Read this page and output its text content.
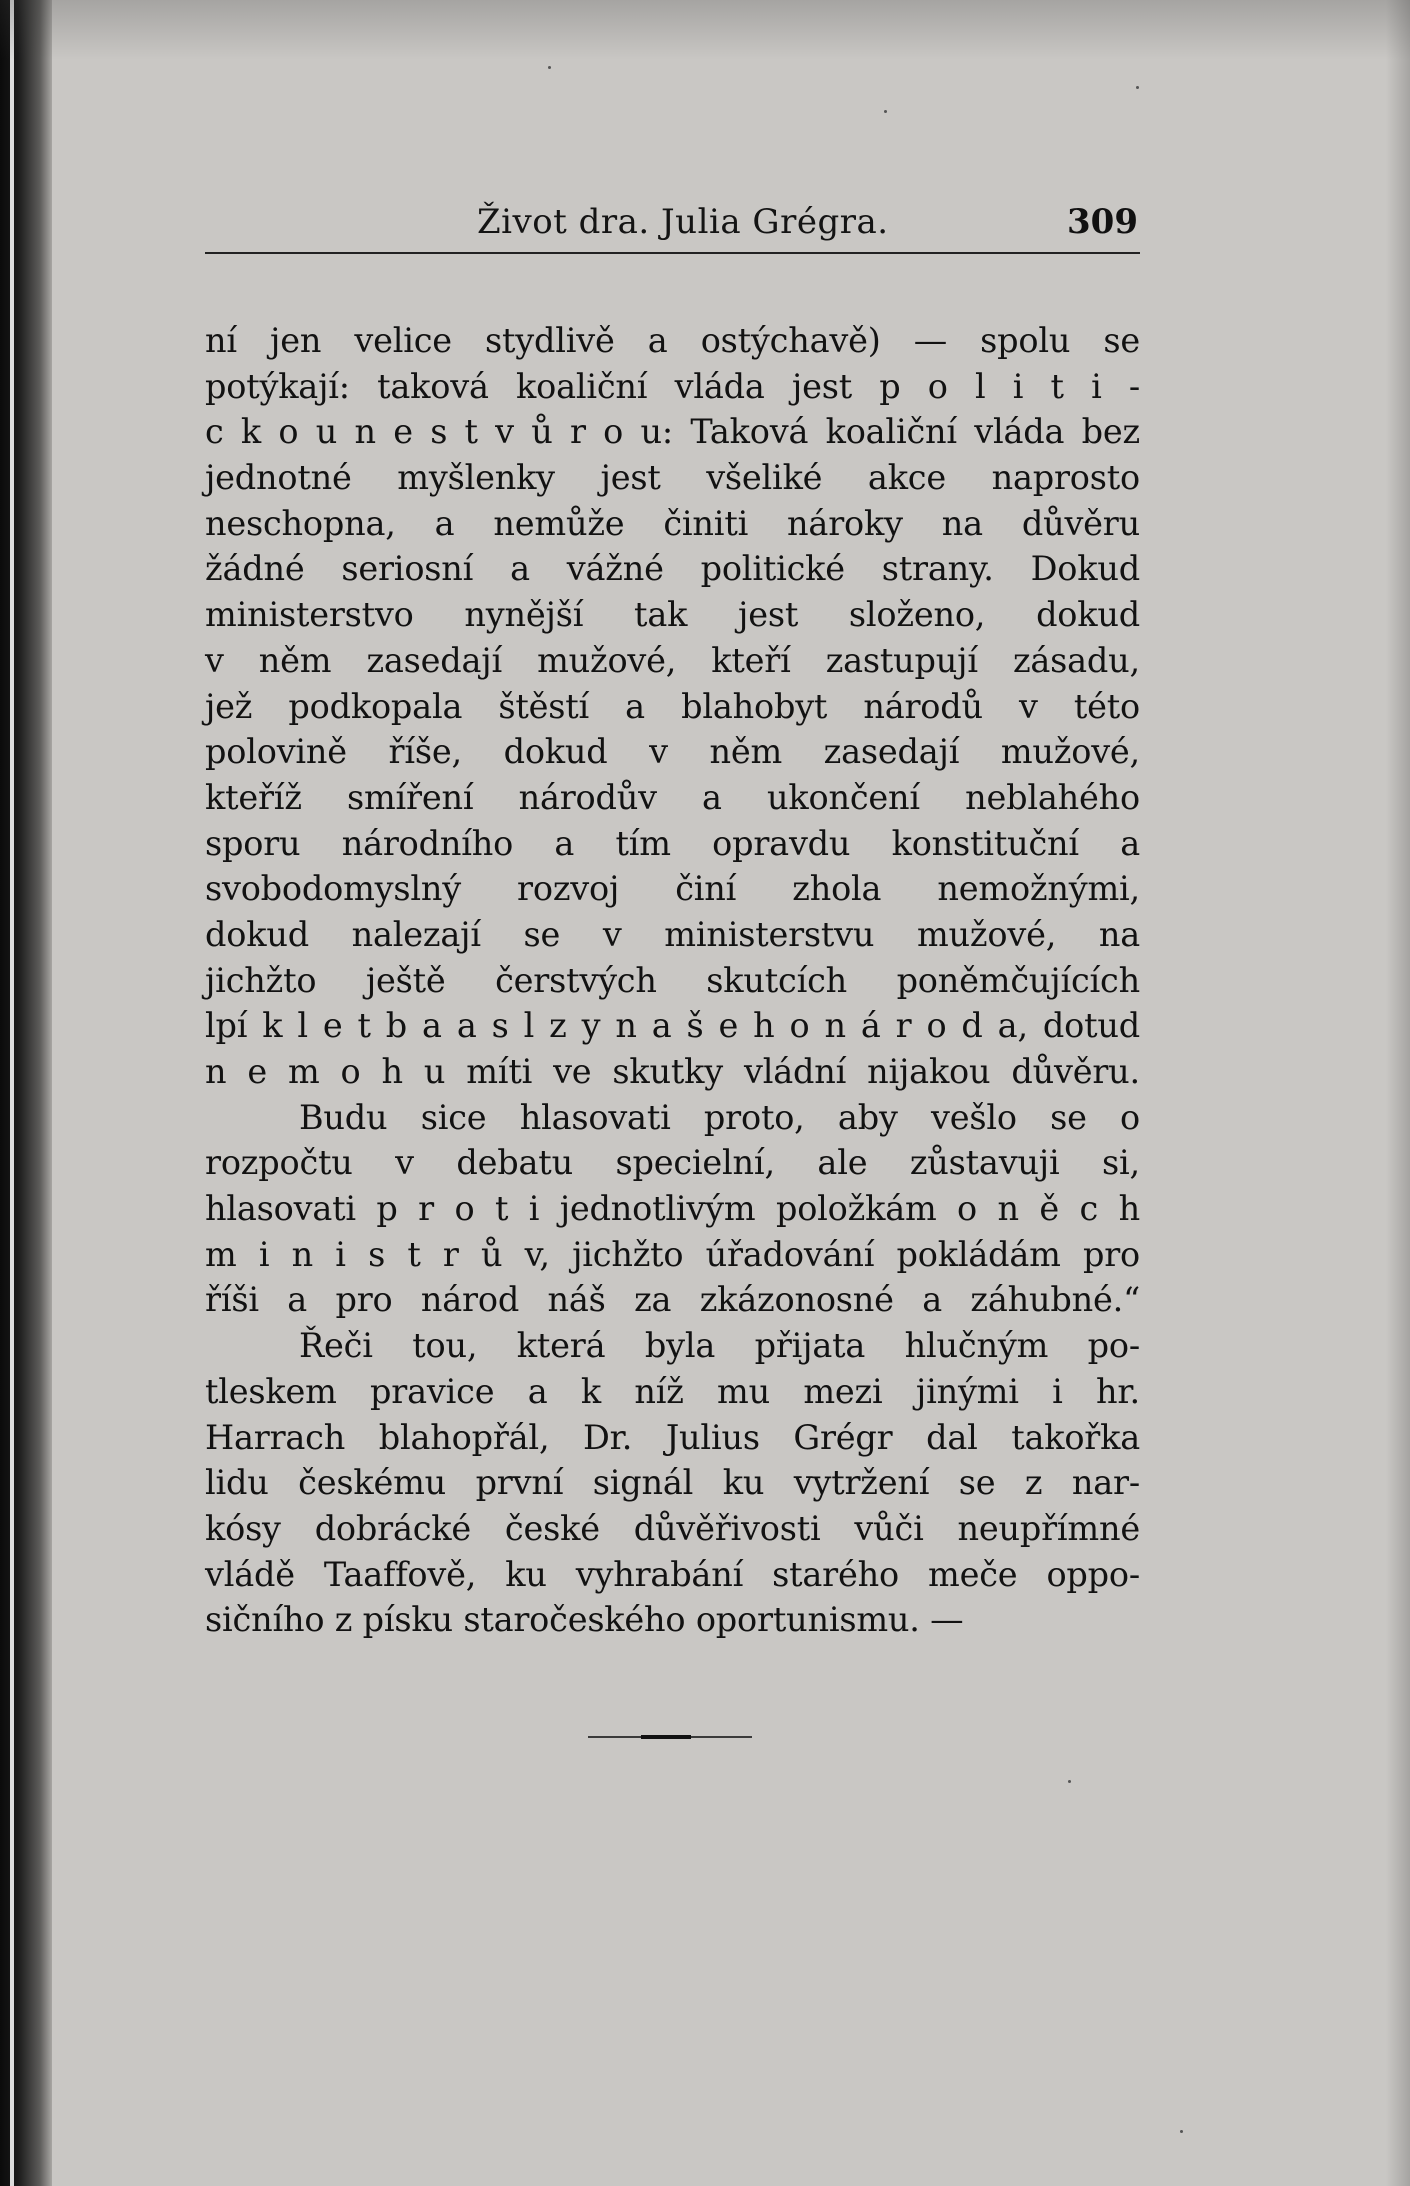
Život dra. Julia Grégra.	309
ní jen velice stydlivě a ostýchavě) — spolu se
potýkají: taková koaliční vláda jest p o l i t i -
c k o u n e s t v ů r o u: Taková koaliční vláda bez
jednotné myšlenky jest všeliké akce naprosto
neschopna, a nemůže činiti nároky na důvěru
žádné seriosní a vážné politické strany. Dokud
ministerstvo nynější tak jest složeno, dokud
v něm zasedají mužové, kteří zastupují zásadu,
jež podkopala štěstí a blahobyt národů v této
polovině říše, dokud v něm zasedají mužové,
kteříž smíření národův a ukončení neblahého
sporu národního a tím opravdu konstituční a
svobodomyslný rozvoj činí zhola nemožnými,
dokud nalezají se v ministerstvu mužové, na
jichžto ještě čerstvých skutcích poněmčujících
lpí k l e t b a a s l z y n a š e h o n á r o d a, dotud
n e m o h u míti ve skutky vládní nijakou důvěru.
Budu sice hlasovati proto, aby vešlo se o
rozpočtu v debatu specielní, ale zůstavuji si,
hlasovati p r o t i jednotlivým položkám o n ě c h
m i n i s t r ů v, jichžto úřadování pokládám pro
říši a pro národ náš za zkázonosné a záhubné.“
Řeči tou, která byla přijata hlučným po-
tleskem pravice a k níž mu mezi jinými i hr.
Harrach blahopřál, Dr. Julius Grégr dal takořka
lidu českému první signál ku vytržení se z nar-
kósy dobrácké české důvěřivosti vůči neupřímné
vládě Taaffově, ku vyhrabání starého meče oppo-
sičního z písku staročeského oportunismu. —
